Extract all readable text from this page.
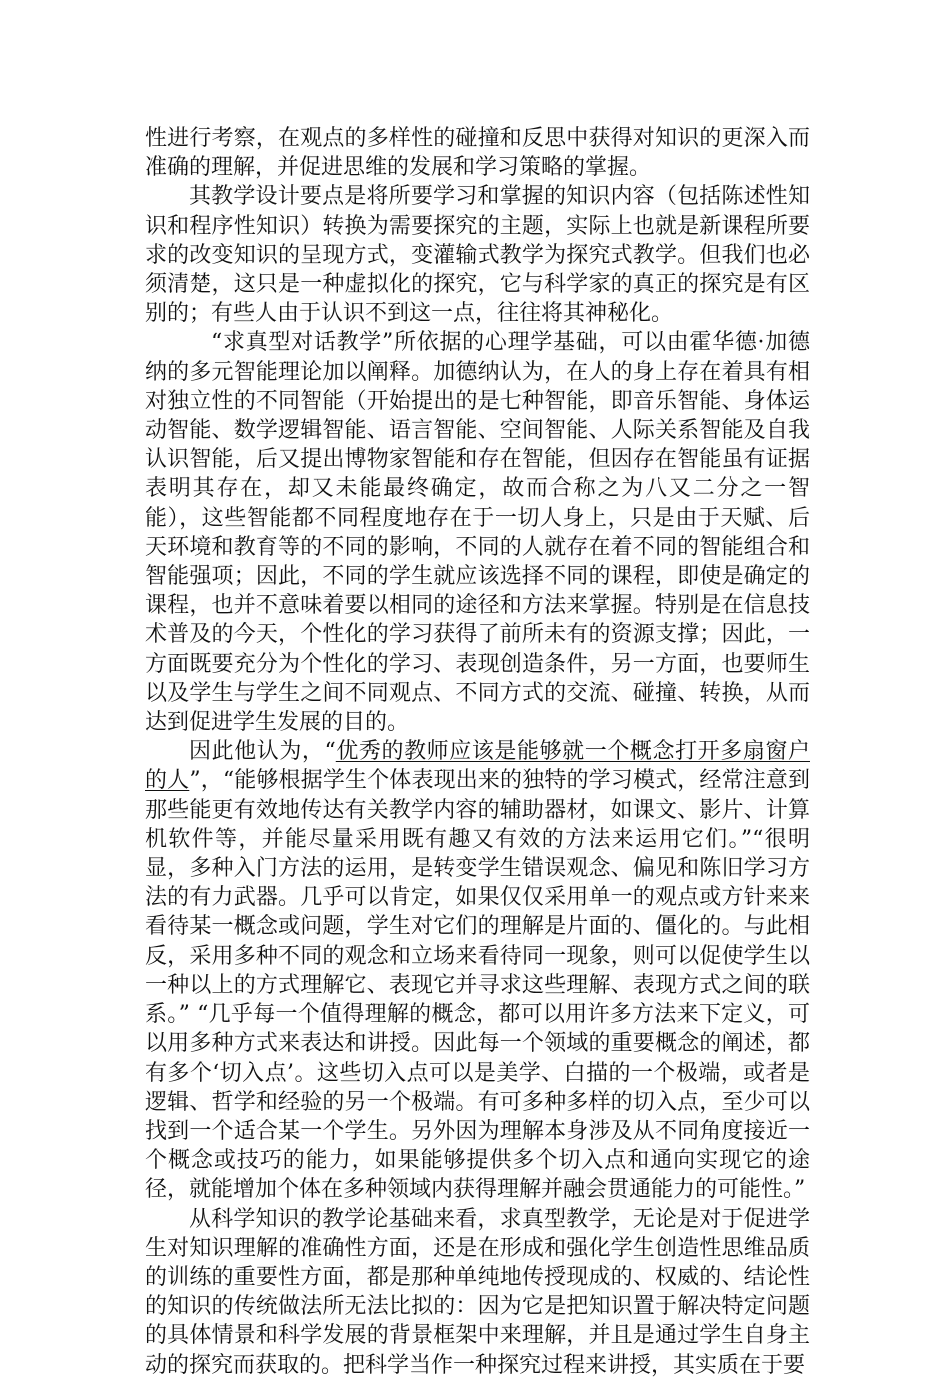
性进行考察，在观点的多样性的碰撞和反思中获得对知识的更深入而准确的理解，并促进思维的发展和学习策略的掌握。

其教学设计要点是将所要学习和掌握的知识内容（包括陈述性知识和程序性知识）转换为需要探究的主题，实际上也就是新课程所要求的改变知识的呈现方式，变灌输式教学为探究式教学。但我们也必须清楚，这只是一种虚拟化的探究，它与科学家的真正的探究是有区别的；有些人由于认识不到这一点，往往将其神秘化。

“求真型对话教学”所依据的心理学基础，可以由霍华德·加德纳的多元智能理论加以阐释。加德纳认为，在人的身上存在着具有相对独立性的不同智能（开始提出的是七种智能，即音乐智能、身体运动智能、数学逻辑智能、语言智能、空间智能、人际关系智能及自我认识智能，后又提出博物家智能和存在智能，但因存在智能虽有证据表明其存在，却又未能最终确定，故而合称之为八又二分之一智能），这些智能都不同程度地存在于一切人身上，只是由于天赋、后天环境和教育等的不同的影响，不同的人就存在着不同的智能组合和智能强项；因此，不同的学生就应该选择不同的课程，即使是确定的课程，也并不意味着要以相同的途径和方法来掌握。特别是在信息技术普及的今天，个性化的学习获得了前所未有的资源支撑；因此，一方面既要充分为个性化的学习、表现创造条件，另一方面，也要师生以及学生与学生之间不同观点、不同方式的交流、碰撞、转换，从而达到促进学生发展的目的。

因此他认为，“优秀的教师应该是能够就一个概念打开多扇窗户的人”，“能够根据学生个体表现出来的独特的学习模式，经常注意到那些能更有效地传达有关教学内容的辅助器材，如课文、影片、计算机软件等，并能尽量采用既有趣又有效的方法来运用它们。”“很明显，多种入门方法的运用，是转变学生错误观念、偏见和陈旧学习方法的有力武器。几乎可以肯定，如果仅仅采用单一的观点或方针来来看待某一概念或问题，学生对它们的理解是片面的、僵化的。与此相反，采用多种不同的观念和立场来看待同一现象，则可以促使学生以一种以上的方式理解它、表现它并寻求这些理解、表现方式之间的联系。” “几乎每一个值得理解的概念，都可以用许多方法来下定义，可以用多种方式来表达和讲授。因此每一个领域的重要概念的阐述，都有多个‘切入点’。这些切入点可以是美学、白描的一个极端，或者是逻辑、哲学和经验的另一个极端。有可多种多样的切入点，至少可以找到一个适合某一个学生。另外因为理解本身涉及从不同角度接近一个概念或技巧的能力，如果能够提供多个切入点和通向实现它的途径，就能增加个体在多种领域内获得理解并融会贯通能力的可能性。”

从科学知识的教学论基础来看，求真型教学，无论是对于促进学生对知识理解的准确性方面，还是在形成和强化学生创造性思维品质的训练的重要性方面，都是那种单纯地传授现成的、权威的、结论性的知识的传统做法所无法比拟的：因为它是把知识置于解决特定问题的具体情景和科学发展的背景框架中来理解，并且是通过学生自身主动的探究而获取的。把科学当作一种探究过程来讲授，其实质在于要
